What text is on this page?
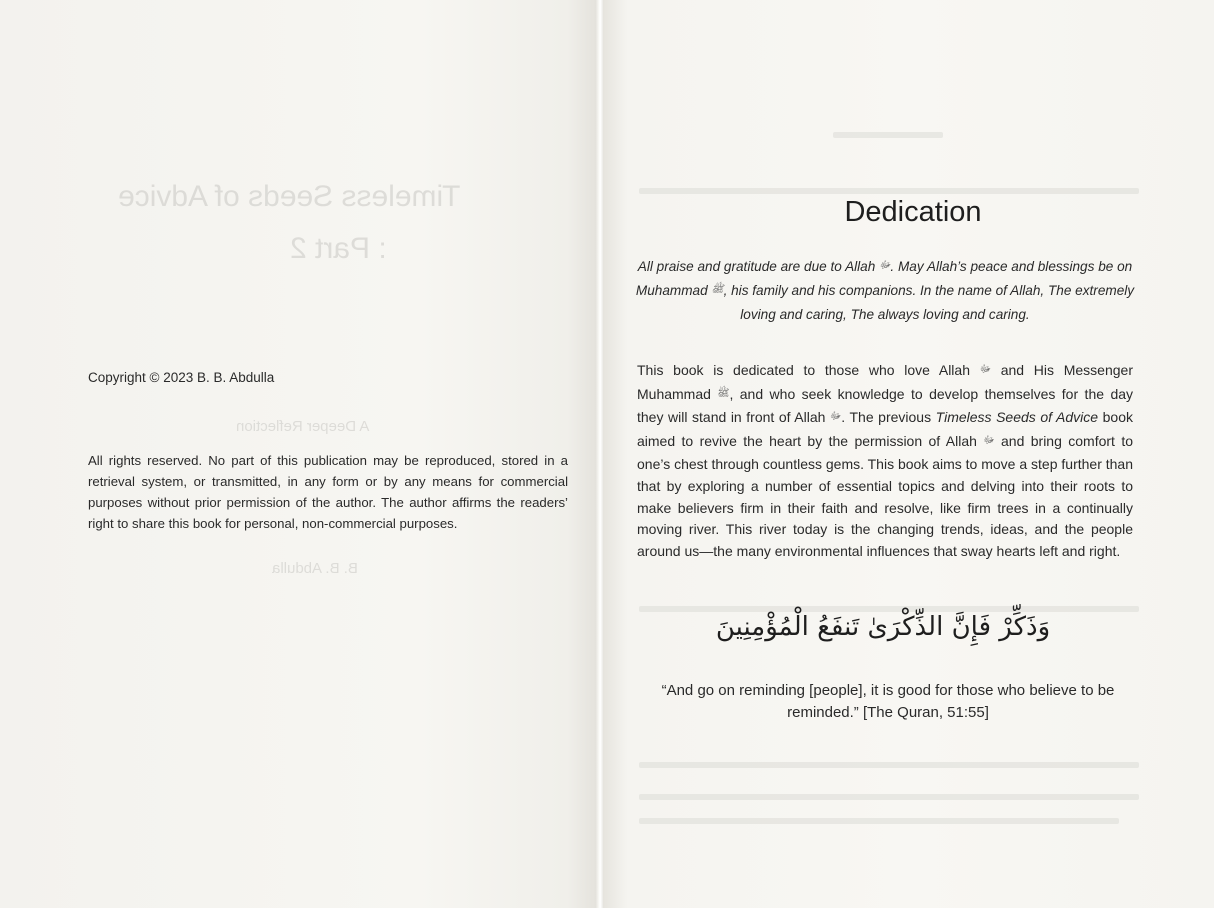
Timeless Seeds of Advice
: Part 2
A Deeper Reflection
B. B. Abdulla
Copyright © 2023 B. B. Abdulla
All rights reserved. No part of this publication may be reproduced, stored in a retrieval system, or transmitted, in any form or by any means for commercial purposes without prior permission of the author. The author affirms the readers’ right to share this book for personal, non-commercial purposes.
Dedication

All praise and gratitude are due to Allah ﷻ. May Allah’s peace and blessings be on Muhammad ﷺ, his family and his companions. In the name of Allah, The extremely loving and caring, The always loving and caring.

This book is dedicated to those who love Allah ﷻ and His Messenger Muhammad ﷺ, and who seek knowledge to develop themselves for the day they will stand in front of Allah ﷻ. The previous Timeless Seeds of Advice book aimed to revive the heart by the permission of Allah ﷻ and bring comfort to one’s chest through countless gems. This book aims to move a step further than that by exploring a number of essential topics and delving into their roots to make believers firm in their faith and resolve, like firm trees in a continually moving river. This river today is the changing trends, ideas, and the people around us—the many environmental influences that sway hearts left and right.

وَذَكِّرْ فَإِنَّ الذِّكْرَىٰ تَنفَعُ الْمُؤْمِنِينَ

“And go on reminding [people], it is good for those who believe to be reminded.” [The Quran, 51:55]
